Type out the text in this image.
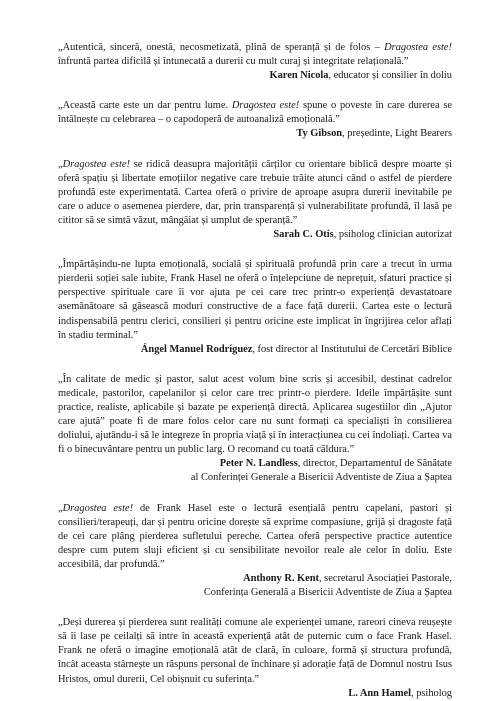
„Autentică, sinceră, onestă, necosmetizată, plină de speranță și de folos – Dragostea este! înfruntă partea dificilă și întunecată a durerii cu mult curaj și integritate relațională.”

Karen Nicola, educator și consilier în doliu

„Această carte este un dar pentru lume. Dragostea este! spune o poveste în care durerea se întâlnește cu celebrarea – o capodoperă de autoanaliză emoțională.”

Ty Gibson, președinte, Light Bearers

„Dragostea este! se ridică deasupra majorității cărților cu orientare biblică despre moarte și oferă spațiu și libertate emoțiilor negative care trebuie trăite atunci când o astfel de pierdere profundă este experimentată. Cartea oferă o privire de aproape asupra durerii inevitabile pe care o aduce o asemenea pierdere, dar, prin transparență și vulnerabilitate profundă, îl lasă pe cititor să se simtă văzut, mângâiat și umplut de speranță.”

Sarah C. Otis, psiholog clinician autorizat

„Împărtășindu-ne lupta emoțională, socială și spirituală profundă prin care a trecut în urma pierderii soției sale iubite, Frank Hasel ne oferă o înțelepciune de neprețuit, sfaturi practice și perspective spirituale care îi vor ajuta pe cei care trec printr-o experiență devastatoare asemănătoare să găsească moduri constructive de a face față durerii. Cartea este o lectură indispensabilă pentru clerici, consilieri și pentru oricine este implicat în îngrijirea celor aflați în stadiu terminal.”

Ángel Manuel Rodríguez, fost director al Institutului de Cercetări Biblice

„În calitate de medic și pastor, salut acest volum bine scris și accesibil, destinat cadrelor medicale, pastorilor, capelanilor și celor care trec printr-o pierdere. Ideile împărtășite sunt practice, realiste, aplicabile și bazate pe experiență directă. Aplicarea sugestiilor din „Ajutor care ajută” poate fi de mare folos celor care nu sunt formați ca specialiști în consilierea doliului, ajutându-i să le integreze în propria viață și în interacțiunea cu cei îndoliați. Cartea va fi o binecuvântare pentru un public larg. O recomand cu toată căldura.”

Peter N. Landless, director, Departamentul de Sănătate

al Conferinței Generale a Bisericii Adventiste de Ziua a Șaptea

„Dragostea este! de Frank Hasel este o lectură esențială pentru capelani, pastori și consilieri/terapeuți, dar și pentru oricine dorește să exprime compasiune, grijă și dragoste față de cei care plâng pierderea sufletului pereche. Cartea oferă perspective practice autentice despre cum putem sluji eficient și cu sensibilitate nevoilor reale ale celor în doliu. Este accesibilă, dar profundă.”

Anthony R. Kent, secretarul Asociației Pastorale,

Conferința Generală a Bisericii Adventiste de Ziua a Șaptea

„Deși durerea și pierderea sunt realități comune ale experienței umane, rareori cineva reușește să îi lase pe ceilalți să intre în această experiență atât de puternic cum o face Frank Hasel. Frank ne oferă o imagine emoțională atât de clară, în culoare, formă și structura profundă, încât aceasta stârnește un răspuns personal de închinare și adorație față de Domnul nostru Isus Hristos, omul durerii, Cel obișnuit cu suferința.”

L. Ann Hamel, psiholog
